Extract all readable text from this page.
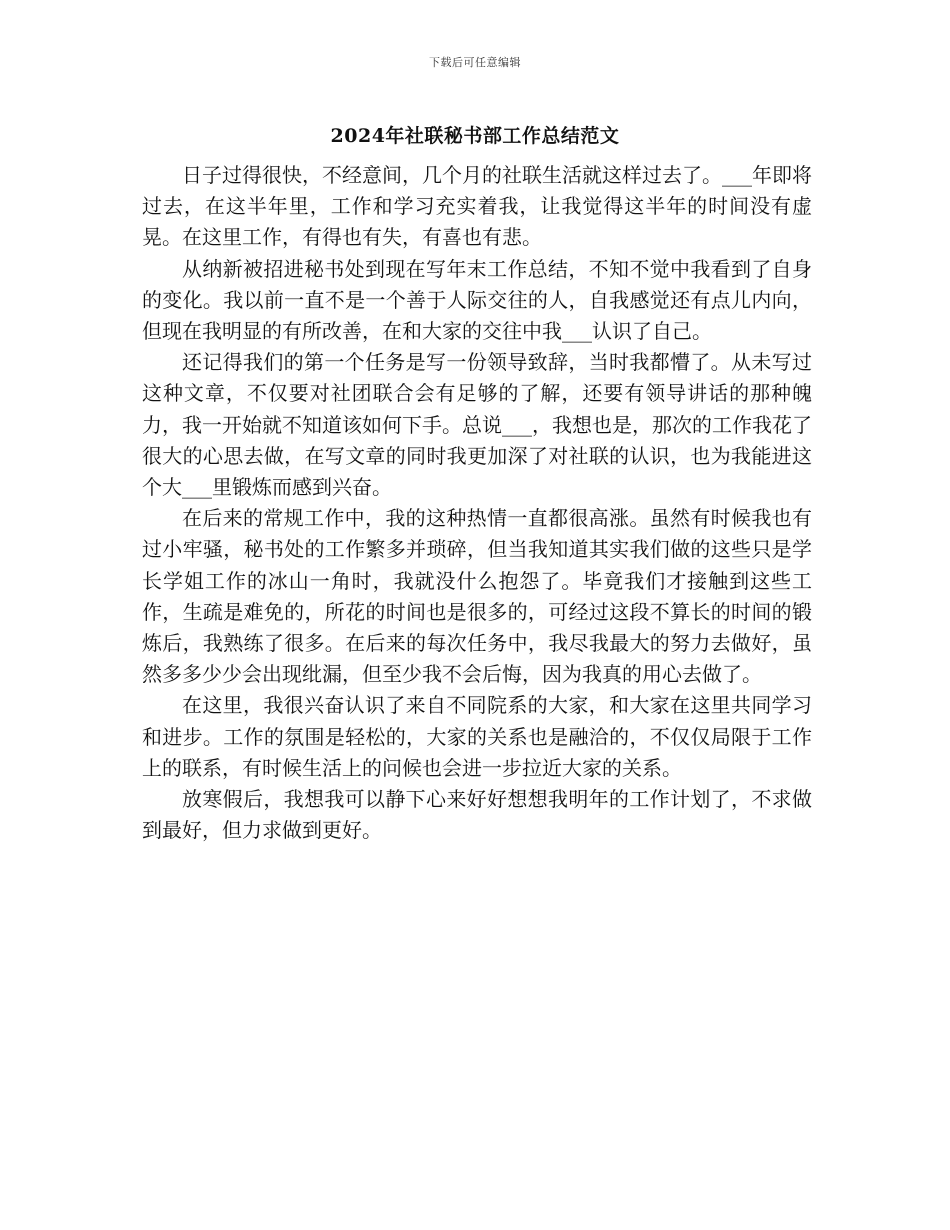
下载后可任意编辑
2024年社联秘书部工作总结范文

日子过得很快，不经意间，几个月的社联生活就这样过去了。___年即将过去，在这半年里，工作和学习充实着我，让我觉得这半年的时间没有虚晃。在这里工作，有得也有失，有喜也有悲。

从纳新被招进秘书处到现在写年末工作总结，不知不觉中我看到了自身的变化。我以前一直不是一个善于人际交往的人，自我感觉还有点儿内向，但现在我明显的有所改善，在和大家的交往中我___认识了自己。

还记得我们的第一个任务是写一份领导致辞，当时我都懵了。从未写过这种文章，不仅要对社团联合会有足够的了解，还要有领导讲话的那种魄力，我一开始就不知道该如何下手。总说___，我想也是，那次的工作我花了很大的心思去做，在写文章的同时我更加深了对社联的认识，也为我能进这个大___里锻炼而感到兴奋。

在后来的常规工作中，我的这种热情一直都很高涨。虽然有时候我也有过小牢骚，秘书处的工作繁多并琐碎，但当我知道其实我们做的这些只是学长学姐工作的冰山一角时，我就没什么抱怨了。毕竟我们才接触到这些工作，生疏是难免的，所花的时间也是很多的，可经过这段不算长的时间的锻炼后，我熟练了很多。在后来的每次任务中，我尽我最大的努力去做好，虽然多多少少会出现纰漏，但至少我不会后悔，因为我真的用心去做了。

在这里，我很兴奋认识了来自不同院系的大家，和大家在这里共同学习和进步。工作的氛围是轻松的，大家的关系也是融洽的，不仅仅局限于工作上的联系，有时候生活上的问候也会进一步拉近大家的关系。

放寒假后，我想我可以静下心来好好想想我明年的工作计划了，不求做到最好，但力求做到更好。
